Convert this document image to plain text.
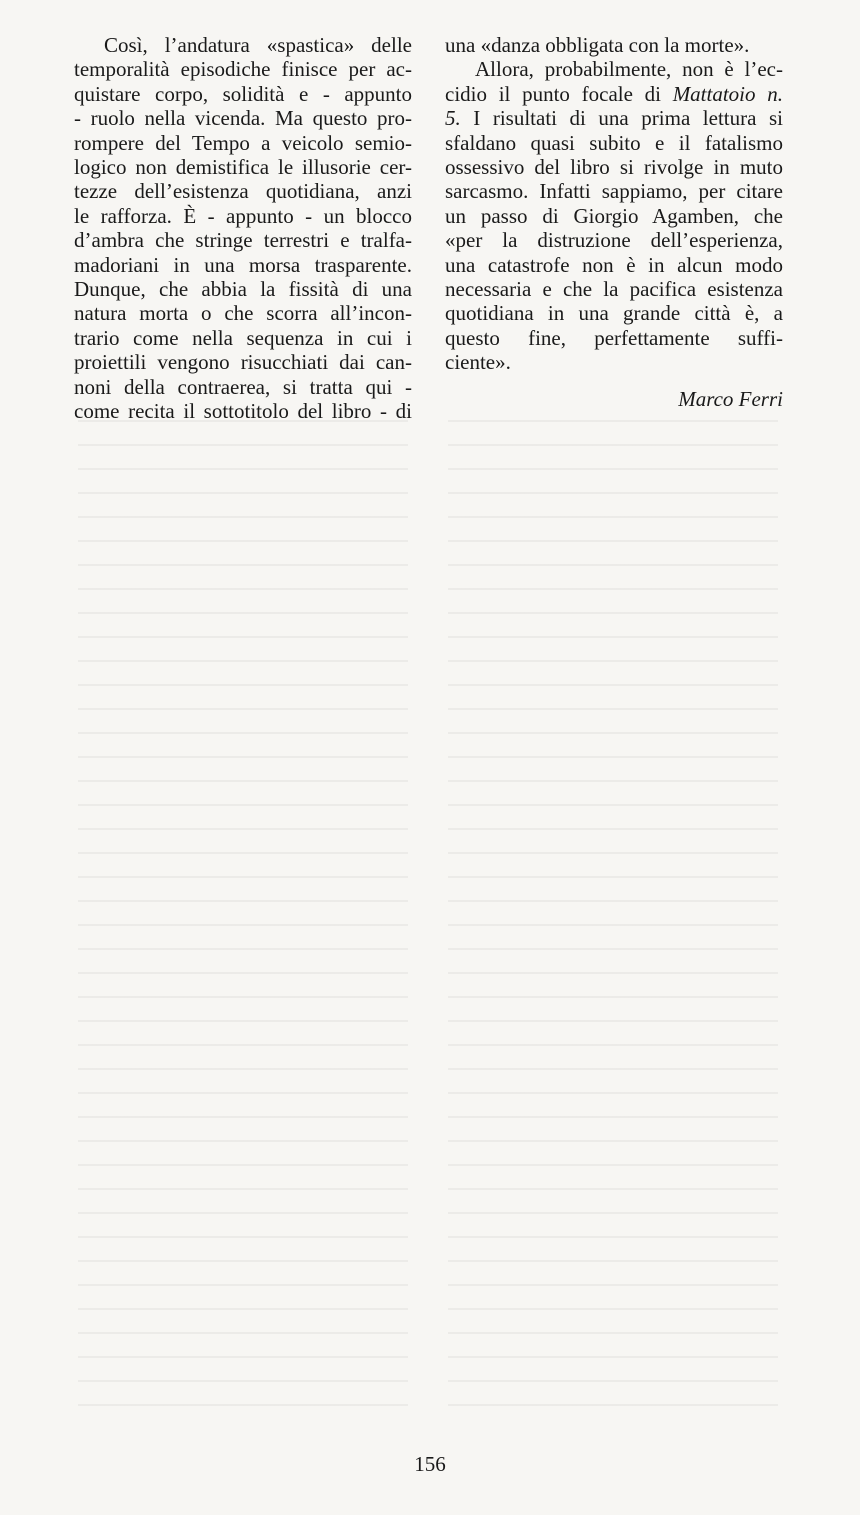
Così, l’andatura «spastica» delle
temporalità episodiche finisce per ac-
quistare corpo, solidità e - appunto
- ruolo nella vicenda. Ma questo pro-
rompere del Tempo a veicolo semio-
logico non demistifica le illusorie cer-
tezze dell’esistenza quotidiana, anzi
le rafforza. È - appunto - un blocco
d’ambra che stringe terrestri e tralfa-
madoriani in una morsa trasparente.
Dunque, che abbia la fissità di una
natura morta o che scorra all’incon-
trario come nella sequenza in cui i
proiettili vengono risucchiati dai can-
noni della contraerea, si tratta qui -
come recita il sottotitolo del libro - di
una «danza obbligata con la morte».
Allora, probabilmente, non è l’ec-
cidio il punto focale di Mattatoio n.
5. I risultati di una prima lettura si
sfaldano quasi subito e il fatalismo
ossessivo del libro si rivolge in muto
sarcasmo. Infatti sappiamo, per citare
un passo di Giorgio Agamben, che
«per la distruzione dell’esperienza,
una catastrofe non è in alcun modo
necessaria e che la pacifica esistenza
quotidiana in una grande città è, a
questo fine, perfettamente suffi-
ciente».
Marco Ferri
156
